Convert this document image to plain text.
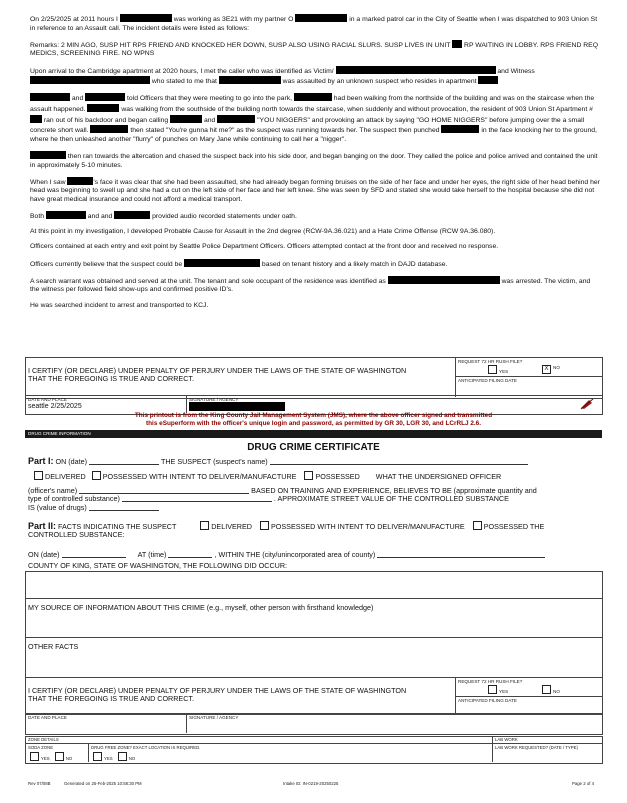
On 2/25/2025 at 2011 hours I	was working as 3E21 with my partner O	in a marked patrol car in the City of Seattle when I was dispatched to 903 Union St in reference to an Assault call. The incident details were listed as follows:

Remarks: 2 MIN AGO, SUSP HIT RPS FRIEND AND KNOCKED HER DOWN, SUSP ALSO USING RACIAL SLURS. SUSP LIVES IN UNIT RP WAITING IN LOBBY. RPS FRIEND REQ MEDICS, SCREENING FIRE. NO WPNS

Upon arrival to the Cambridge apartment at 2020 hours, I met the caller who was identified as Victim/	and Witness  who stated to me that	was assaulted by an unknown suspect who resides in apartment

and	told Officers that they were meeting to go into the park,	had been walking from the northside of the building and was on the staircase when the assault happened.	was walking from the southside of the building north towards the staircase, when suddenly and without provocation, the resident of 903 Union St Apartment #  ran out of his backdoor and began calling	and	"YOU NIGGERS" and provoking an attack by saying "GO HOME NIGGERS" before jumping over the a small concrete short wall.	then stated "You're gunna hit me?" as the suspect was running towards her. The suspect then punched	in the face knocking her to the ground, where he then unleashed another "flurry" of punches on Mary Jane while continuing to call her a "nigger".

then ran towards the altercation and chased the suspect back into his side door, and began banging on the door. They called the police and police arrived and contained the unit in approximately 5-10 minutes.

When I saw	's face it was clear that she had been assaulted, she had already began forming bruises on the side of her face and under her eyes, the right side of her head behind her head was beginning to swell up and she had a cut on the left side of her face and her left knee. She was seen by SFD and stated she would take herself to the hospital because she did not have great medical insurance and could not afford a medical transport.

Both	and and	provided audio recorded statements under oath.

At this point in my investigation, I developed Probable Cause for Assault in the 2nd degree (RCW-9A.36.021) and a Hate Crime Offense (RCW 9A.36.080).

Officers contained at each entry and exit point by Seattle Police Department Officers. Officers attempted contact at the front door and received no response.

Officers currently believe that the suspect could be	based on tenant history and a likely match in DAJD database.

A search warrant was obtained and served at the unit. The tenant and sole occupant of the residence was identified as	was arrested. The victim, and the witness per followed field show-ups and confirmed positive ID's.

He was searched incident to arrest and transported to KCJ.

I CERTIFY (OR DECLARE) UNDER PENALTY OF PERJURY UNDER THE LAWS OF THE STATE OF WASHINGTON
THAT THE FOREGOING IS TRUE AND CORRECT.
REQUEST 72 HR RUSH FILE?
YES	X NO
ANTICIPATED FILING DATE
DATE AND PLACE
seattle 2/25/2025
SIGNATURE / AGENCY
This printout is from the King County Jail Management System (JMS), where the above officer signed and transmitted
this eSuperform with the officer's unique login and password, as permitted by GR 30, LGR 30, and LCrRLJ 2.6.
DRUG CRIME INFORMATION
DRUG CRIME CERTIFICATE
Part I: ON (date)	THE SUSPECT (suspect's name)
DELIVERED POSSESSED WITH INTENT TO DELIVER/MANUFACTURE	POSSESSED WHAT THE UNDERSIGNED OFFICER
(officer's name)	BASED ON TRAINING AND EXPERIENCE, BELIEVES TO BE (approximate quantity and
type of controlled substance)	. APPROXIMATE STREET VALUE OF THE CONTROLLED SUBSTANCE
IS (value of drugs)
Part II: FACTS INDICATING THE SUSPECT	DELIVERED	POSSESSED WITH INTENT TO DELIVER/MANUFACTURE	POSSESSED THE
CONTROLLED SUBSTANCE:
ON (date)	AT (time)	, WITHIN THE (city/unincorporated area of county)
COUNTY OF KING, STATE OF WASHINGTON, THE FOLLOWING DID OCCUR:
MY SOURCE OF INFORMATION ABOUT THIS CRIME (e.g., myself, other person with firsthand knowledge)
OTHER FACTS
I CERTIFY (OR DECLARE) UNDER PENALTY OF PERJURY UNDER THE LAWS OF THE STATE OF WASHINGTON
THAT THE FOREGOING IS TRUE AND CORRECT.
REQUEST 72 HR RUSH FILE?
YES	NO
ANTICIPATED FILING DATE
DATE AND PLACE	SIGNATURE / AGENCY
ZONE DETAILS	LAB WORK
SODA ZONE	DRUG FREE ZONE? EXACT LOCATION IS REQUIRED.	LAB WORK REQUESTED? (DATE / TYPE)
YES	NO	YES	NO
Rev 07/08B	Generated on 25-Feb-2025 10:58:30 PM	Intake ID: IN-0219-20250225	Page 2 of 4
